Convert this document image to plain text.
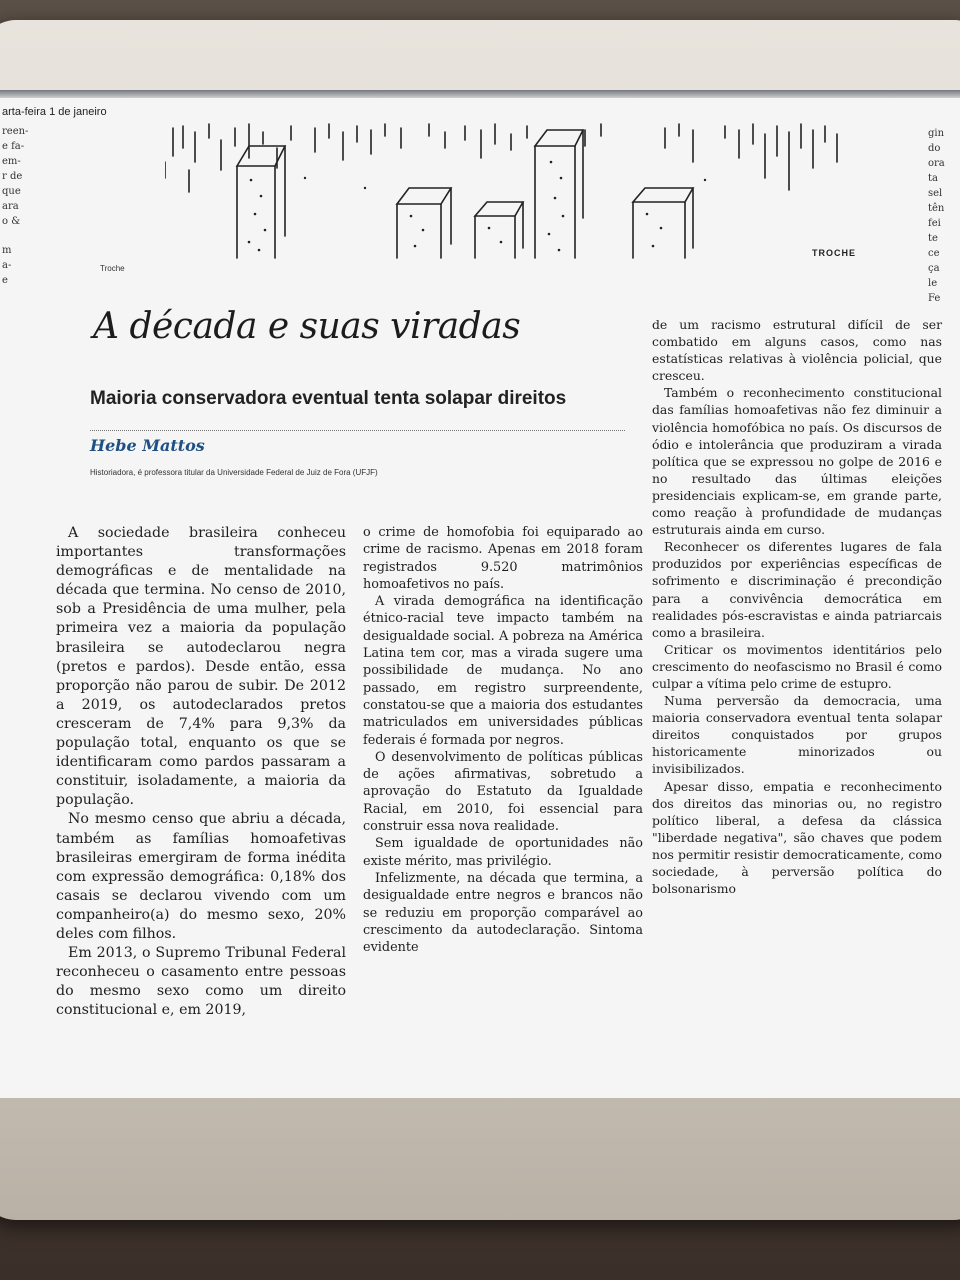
arta-feira 1 de janeiro
reen-
e fa-
em-
r de
que
ara
o &
m
a-
e
gin
do
ora
ta
sel
tên
fei
te
ce
ça
le
Fe
Troche
TROCHE
A década e suas viradas
Maioria conservadora eventual tenta solapar direitos
Hebe Mattos
Historiadora, é professora titular da Universidade Federal de Juiz de Fora (UFJF)

A sociedade brasileira conheceu importantes transformações demográficas e de mentalidade na década que termina. No censo de 2010, sob a Presidência de uma mulher, pela primeira vez a maioria da população brasileira se autodeclarou negra (pretos e pardos). Desde então, essa proporção não parou de subir. De 2012 a 2019, os autodeclarados pretos cresceram de 7,4% para 9,3% da população total, enquanto os que se identificaram como pardos passaram a constituir, isoladamente, a maioria da população.

No mesmo censo que abriu a década, também as famílias homoafetivas brasileiras emergiram de forma inédita com expressão demográfica: 0,18% dos casais se declarou vivendo com um companheiro(a) do mesmo sexo, 20% deles com filhos.

Em 2013, o Supremo Tribunal Federal reconheceu o casamento entre pessoas do mesmo sexo como um direito constitucional e, em 2019,

o crime de homofobia foi equiparado ao crime de racismo. Apenas em 2018 foram registrados 9.520 matrimônios homoafetivos no país.

A virada demográfica na identificação étnico-racial teve impacto também na desigualdade social. A pobreza na América Latina tem cor, mas a virada sugere uma possibilidade de mudança. No ano passado, em registro surpreendente, constatou-se que a maioria dos estudantes matriculados em universidades públicas federais é formada por negros.

O desenvolvimento de políticas públicas de ações afirmativas, sobretudo a aprovação do Estatuto da Igualdade Racial, em 2010, foi essencial para construir essa nova realidade.

Sem igualdade de oportunidades não existe mérito, mas privilégio.

Infelizmente, na década que termina, a desigualdade entre negros e brancos não se reduziu em proporção comparável ao crescimento da autodeclaração. Sintoma evidente

de um racismo estrutural difícil de ser combatido em alguns casos, como nas estatísticas relativas à violência policial, que cresceu.

Também o reconhecimento constitucional das famílias homoafetivas não fez diminuir a violência homofóbica no país. Os discursos de ódio e intolerância que produziram a virada política que se expressou no golpe de 2016 e no resultado das últimas eleições presidenciais explicam-se, em grande parte, como reação à profundidade de mudanças estruturais ainda em curso.

Reconhecer os diferentes lugares de fala produzidos por experiências específicas de sofrimento e discriminação é precondição para a convivência democrática em realidades pós-escravistas e ainda patriarcais como a brasileira.

Criticar os movimentos identitários pelo crescimento do neofascismo no Brasil é como culpar a vítima pelo crime de estupro.

Numa perversão da democracia, uma maioria conservadora eventual tenta solapar direitos conquistados por grupos historicamente minorizados ou invisibilizados.

Apesar disso, empatia e reconhecimento dos direitos das minorias ou, no registro político liberal, a defesa da clássica "liberdade negativa", são chaves que podem nos permitir resistir democraticamente, como sociedade, à perversão política do bolsonarismo
